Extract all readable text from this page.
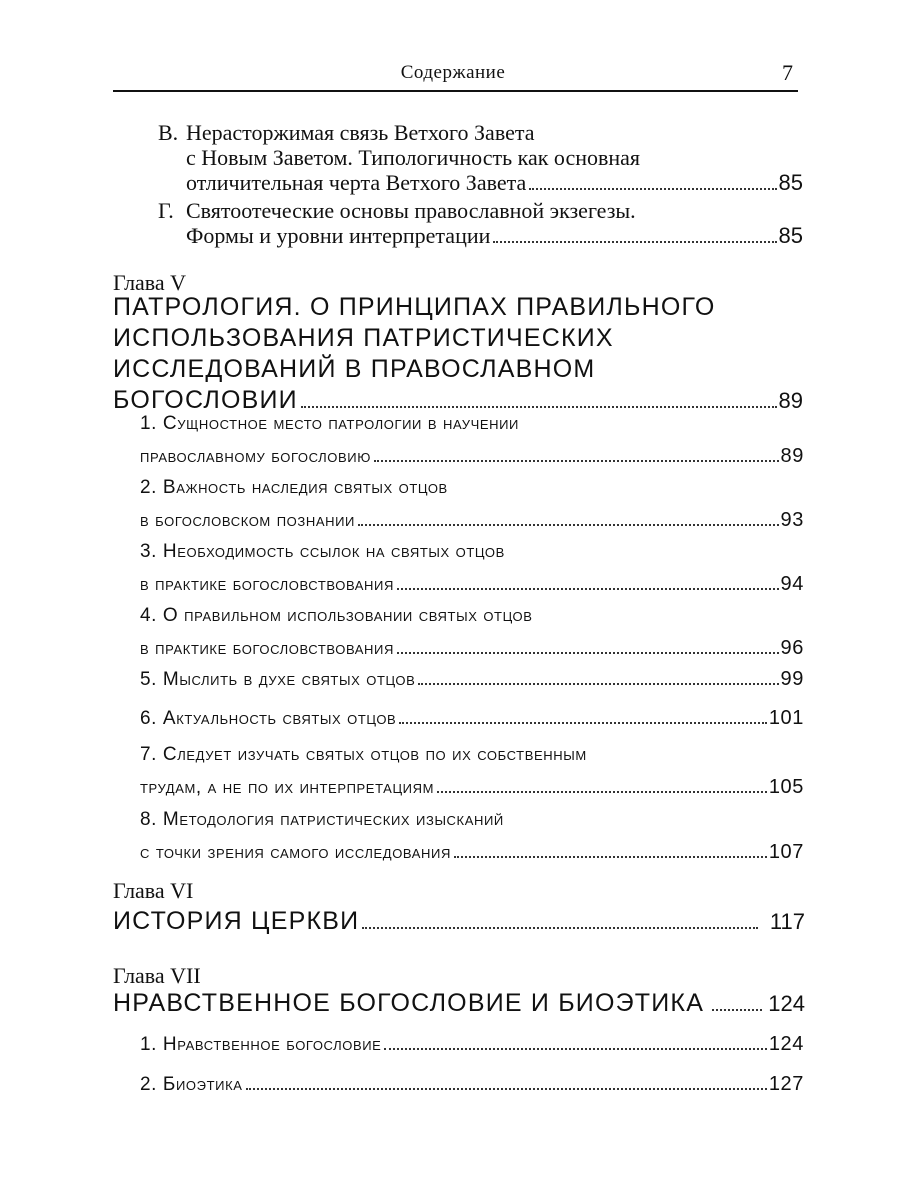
Содержание	7
В. Нерасторжимая связь Ветхого Завета
с Новым Заветом. Типологичность как основная
отличительная черта Ветхого Завета	85
Г. Святоотеческие основы православной экзегезы.
Формы и уровни интерпретации	85
Глава V
ПАТРОЛОГИЯ. О ПРИНЦИПАХ ПРАВИЛЬНОГО
ИСПОЛЬЗОВАНИЯ ПАТРИСТИЧЕСКИХ
ИССЛЕДОВАНИЙ В ПРАВОСЛАВНОМ
БОГОСЛОВИИ	89
1. Сущностное место патрологии в научении
православному богословию	89
2. Важность наследия святых отцов
в богословском познании	93
3. Необходимость ссылок на святых отцов
в практике богословствования	94
4. О правильном использовании святых отцов
в практике богословствования	96
5. Мыслить в духе святых отцов	99
6. Актуальность святых отцов	101
7. Следует изучать святых отцов по их собственным
трудам, а не по их интерпретациям	105
8. Методология патристических изысканий
с точки зрения самого исследования	107
Глава VI
ИСТОРИЯ ЦЕРКВИ	117
Глава VII
НРАВСТВЕННОЕ БОГОСЛОВИЕ И БИОЭТИКА	124
1. Нравственное богословие	124
2. Биоэтика	127
